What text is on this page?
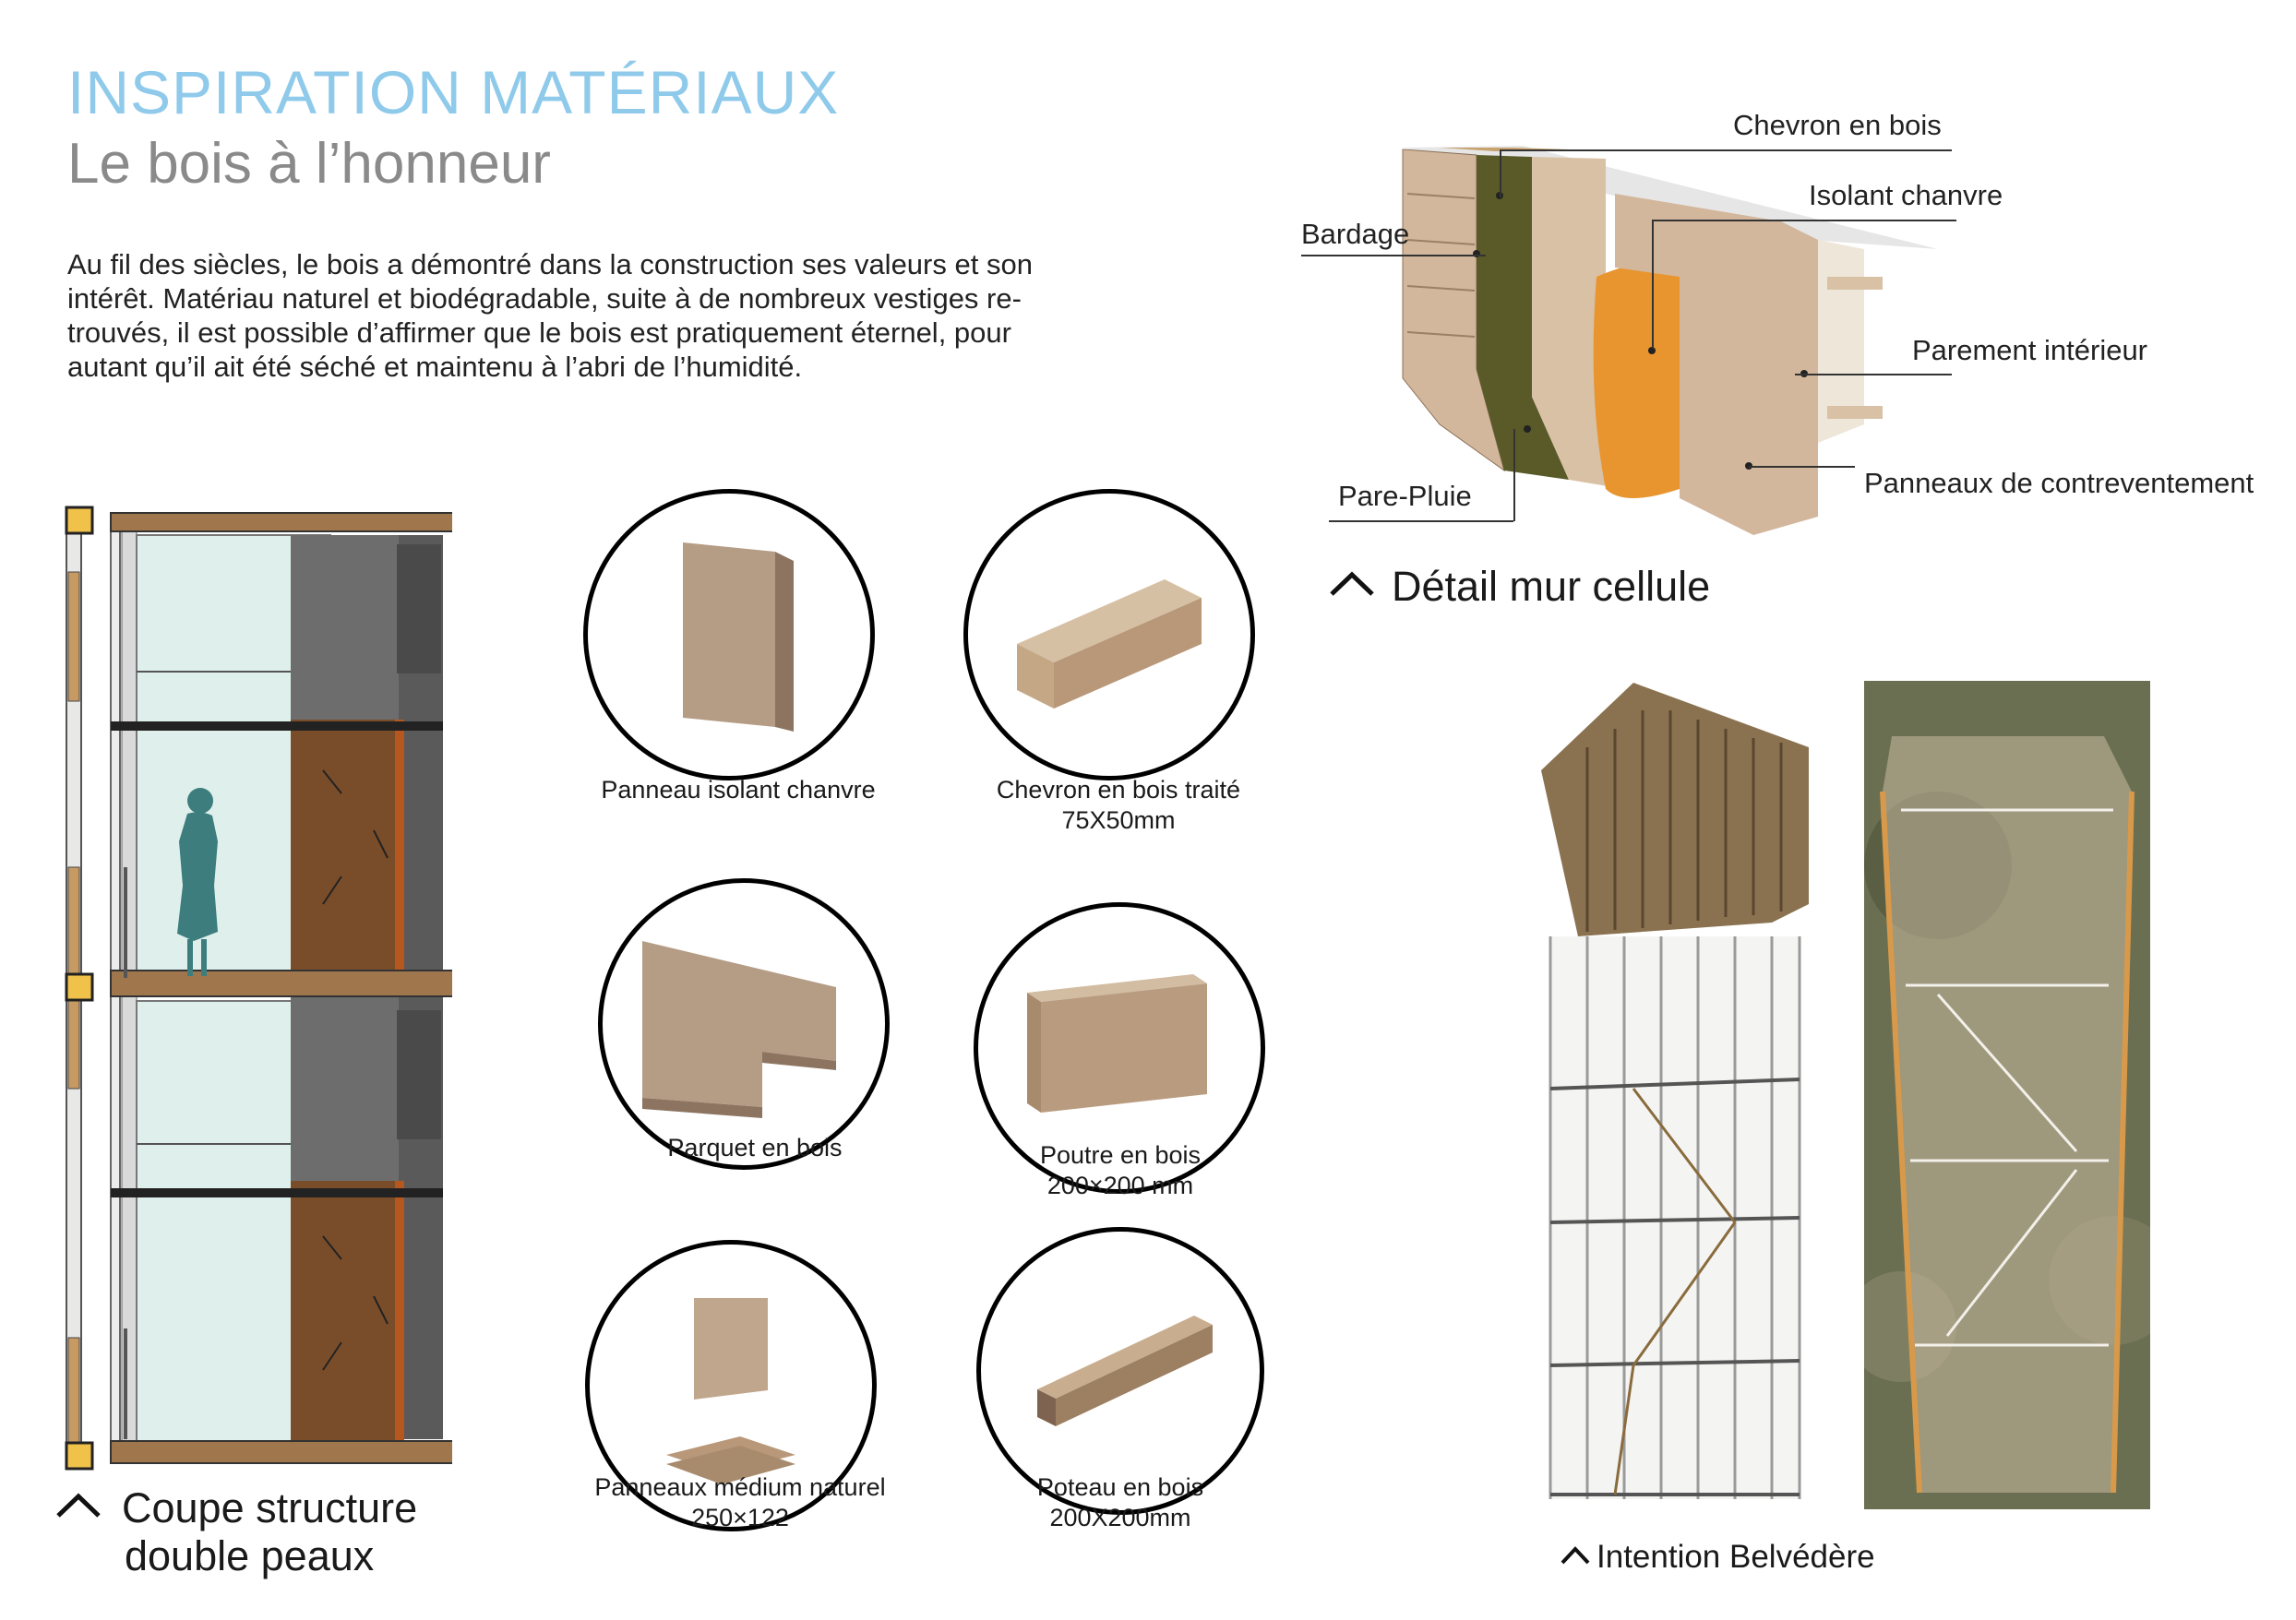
INSPIRATION MATÉRIAUX
Le bois à l’honneur
Au fil des siècles, le bois a démontré dans la construction ses valeurs et son
intérêt. Matériau naturel et biodégradable, suite à de nombreux vestiges re-
trouvés, il est possible d’affirmer que le bois est pratiquement éternel, pour
autant qu’il ait été séché et maintenu à l’abri de l’humidité.
Coupe structure
double peaux
Panneau isolant chanvre	Chevron en bois traité
75X50mm
Parquet en bois	Poutre en bois
200×200 mm
Panneaux médium naturel
250×122
Poteau en bois
200X200mm
Chevron en bois
Isolant chanvre
Bardage
Parement intérieur
Pare-Pluie	Panneaux de contreventement
Détail mur cellule
Intention Belvédère
